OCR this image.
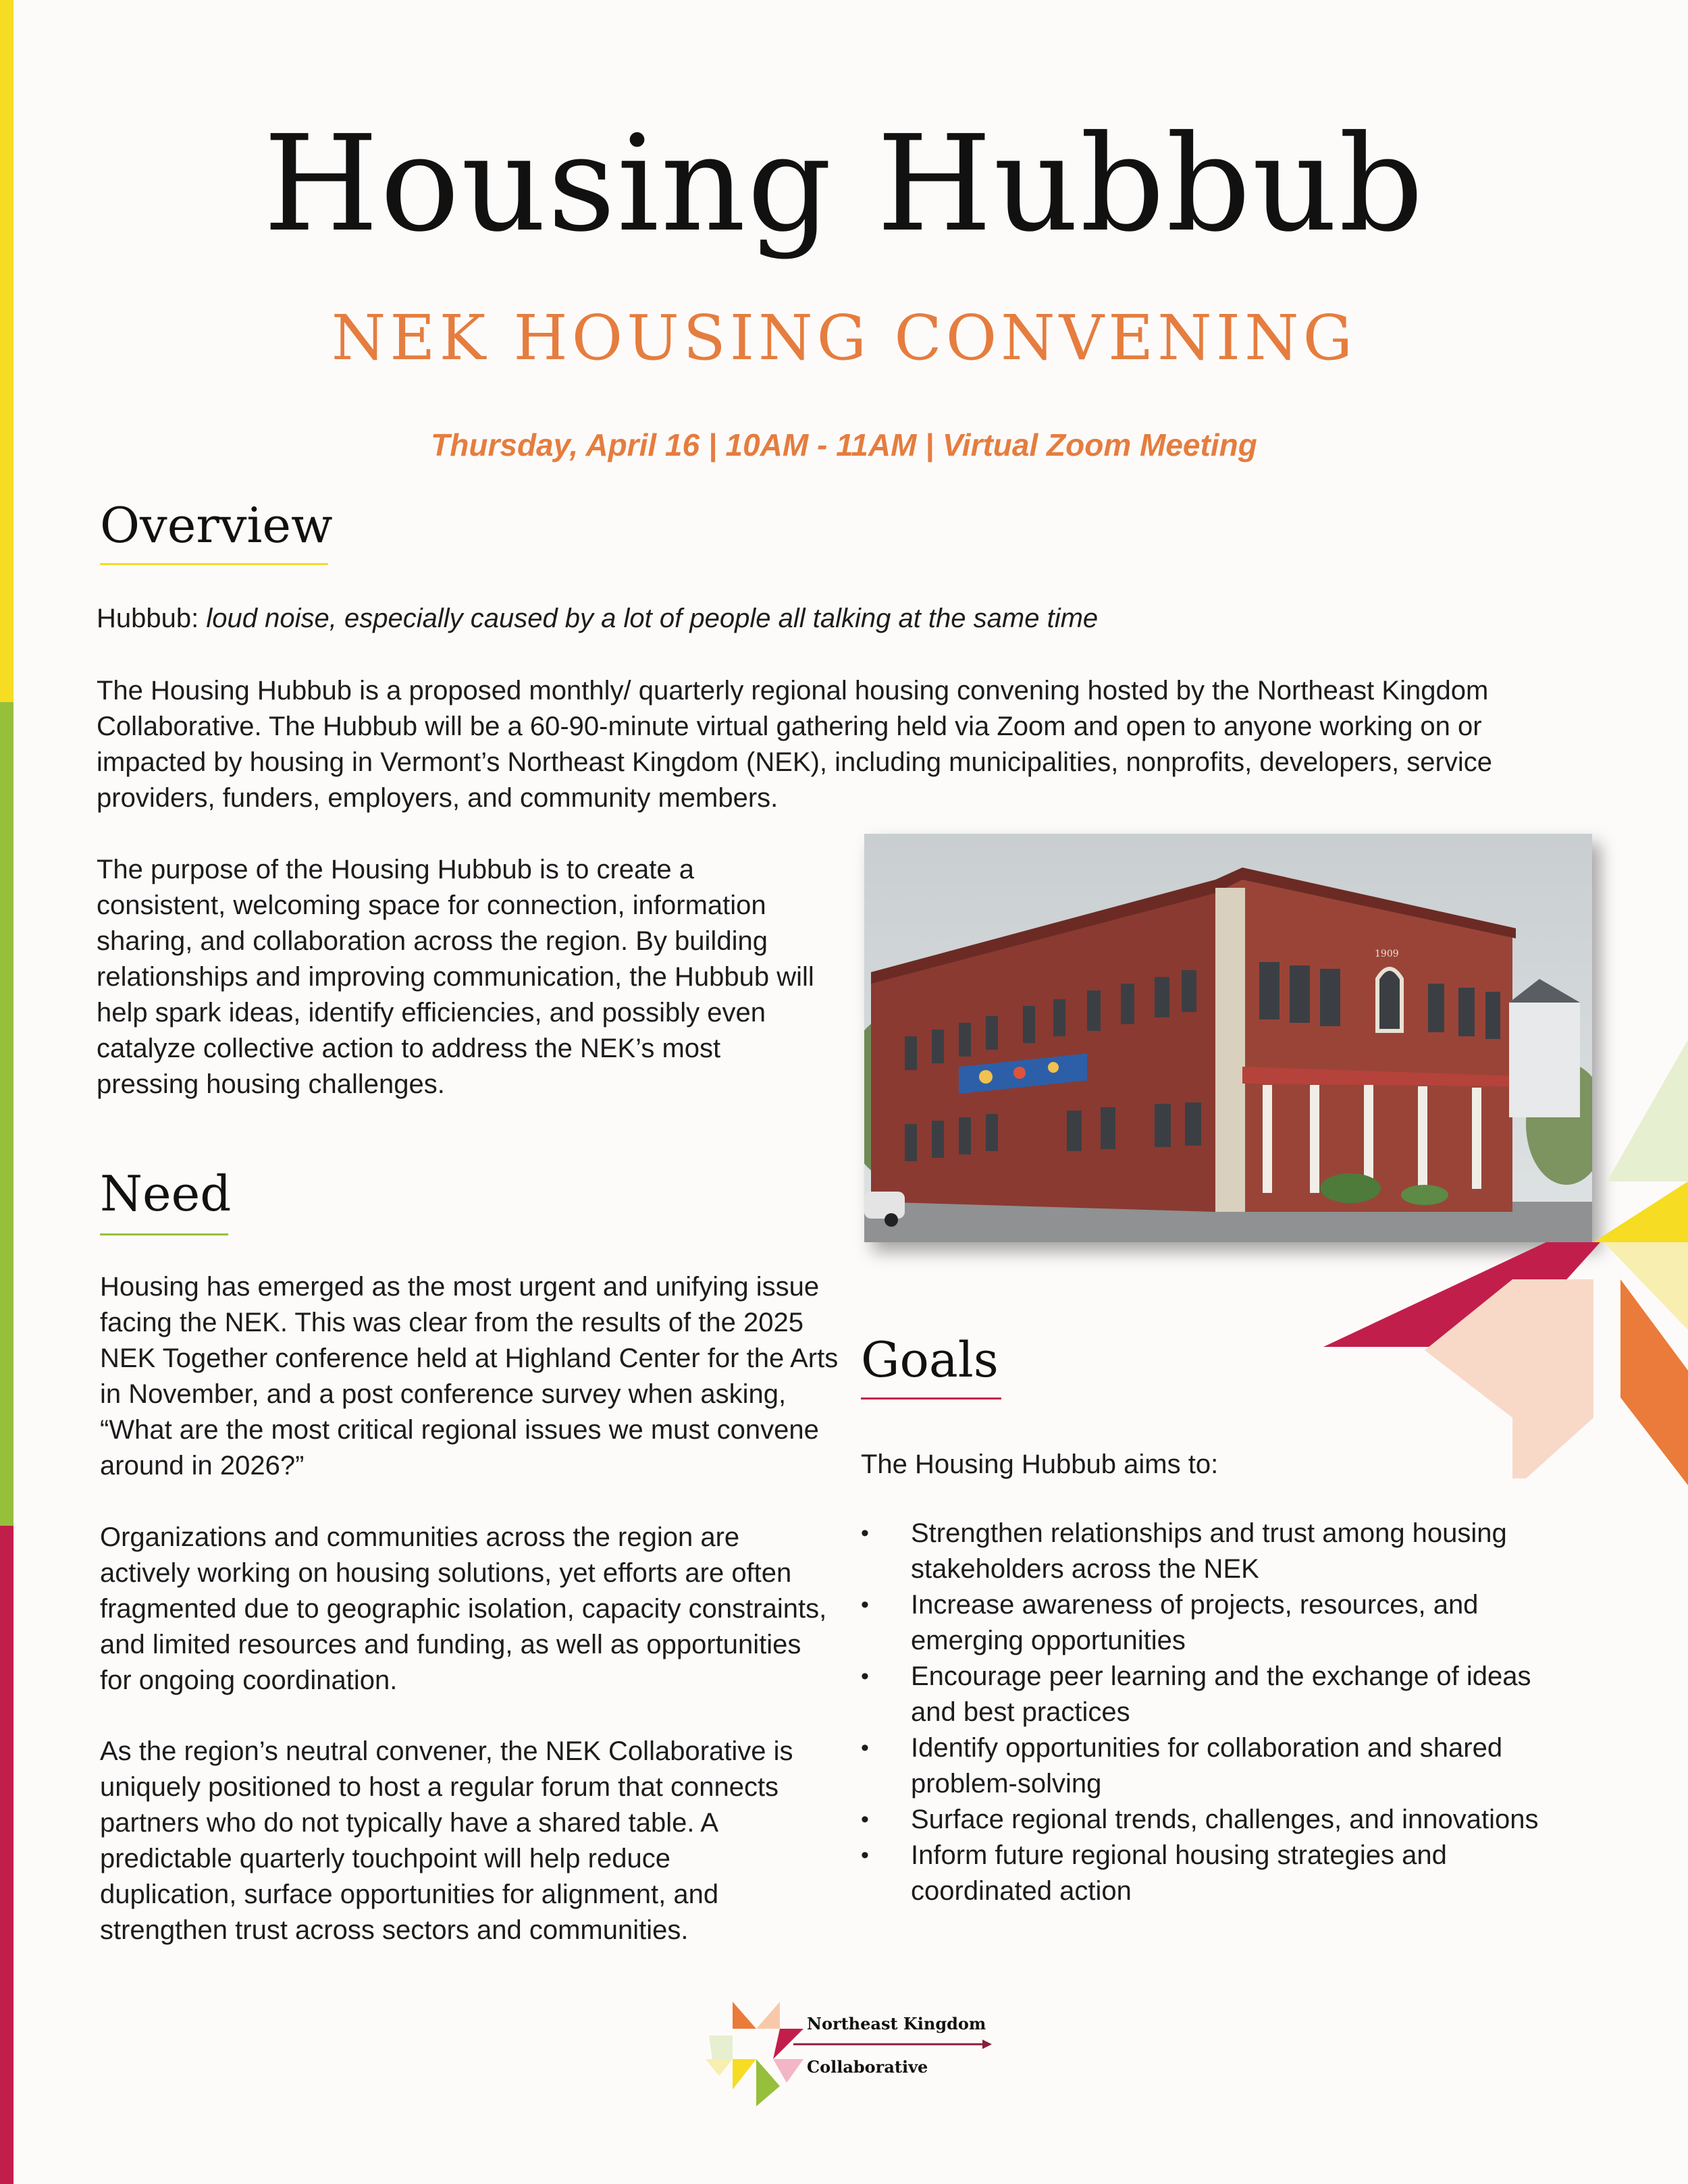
Housing Hubbub
NEK HOUSING CONVENING

Thursday, April 16 | 10AM - 11AM | Virtual Zoom Meeting

Overview

Hubbub: loud noise, especially caused by a lot of people all talking at the same time

The Housing Hubbub is a proposed monthly/ quarterly regional housing convening hosted by the Northeast Kingdom Collaborative. The Hubbub will be a 60-90-minute virtual gathering held via Zoom and open to anyone working on or impacted by housing in Vermont’s Northeast Kingdom (NEK), including municipalities, nonprofits, developers, service providers, funders, employers, and community members.

The purpose of the Housing Hubbub is to create a consistent, welcoming space for connection, information sharing, and collaboration across the region. By building relationships and improving communication, the Hubbub will help spark ideas, identify efficiencies, and possibly even catalyze collective action to address the NEK’s most pressing housing challenges.

1909
Need

Housing has emerged as the most urgent and unifying issue facing the NEK. This was clear from the results of the 2025 NEK Together conference held at Highland Center for the Arts in November, and a post conference survey when asking, “What are the most critical regional issues we must convene around in 2026?”

Organizations and communities across the region are actively working on housing solutions, yet efforts are often fragmented due to geographic isolation, capacity constraints, and limited resources and funding, as well as opportunities for ongoing coordination.

As the region’s neutral convener, the NEK Collaborative is uniquely positioned to host a regular forum that connects partners who do not typically have a shared table. A predictable quarterly touchpoint will help reduce duplication, surface opportunities for alignment, and strengthen trust across sectors and communities.

Goals

The Housing Hubbub aims to:

• Strengthen relationships and trust among housing stakeholders across the NEK
• Increase awareness of projects, resources, and emerging opportunities
• Encourage peer learning and the exchange of ideas and best practices
• Identify opportunities for collaboration and shared problem-solving
• Surface regional trends, challenges, and innovations
• Inform future regional housing strategies and coordinated action
Northeast Kingdom
Collaborative
